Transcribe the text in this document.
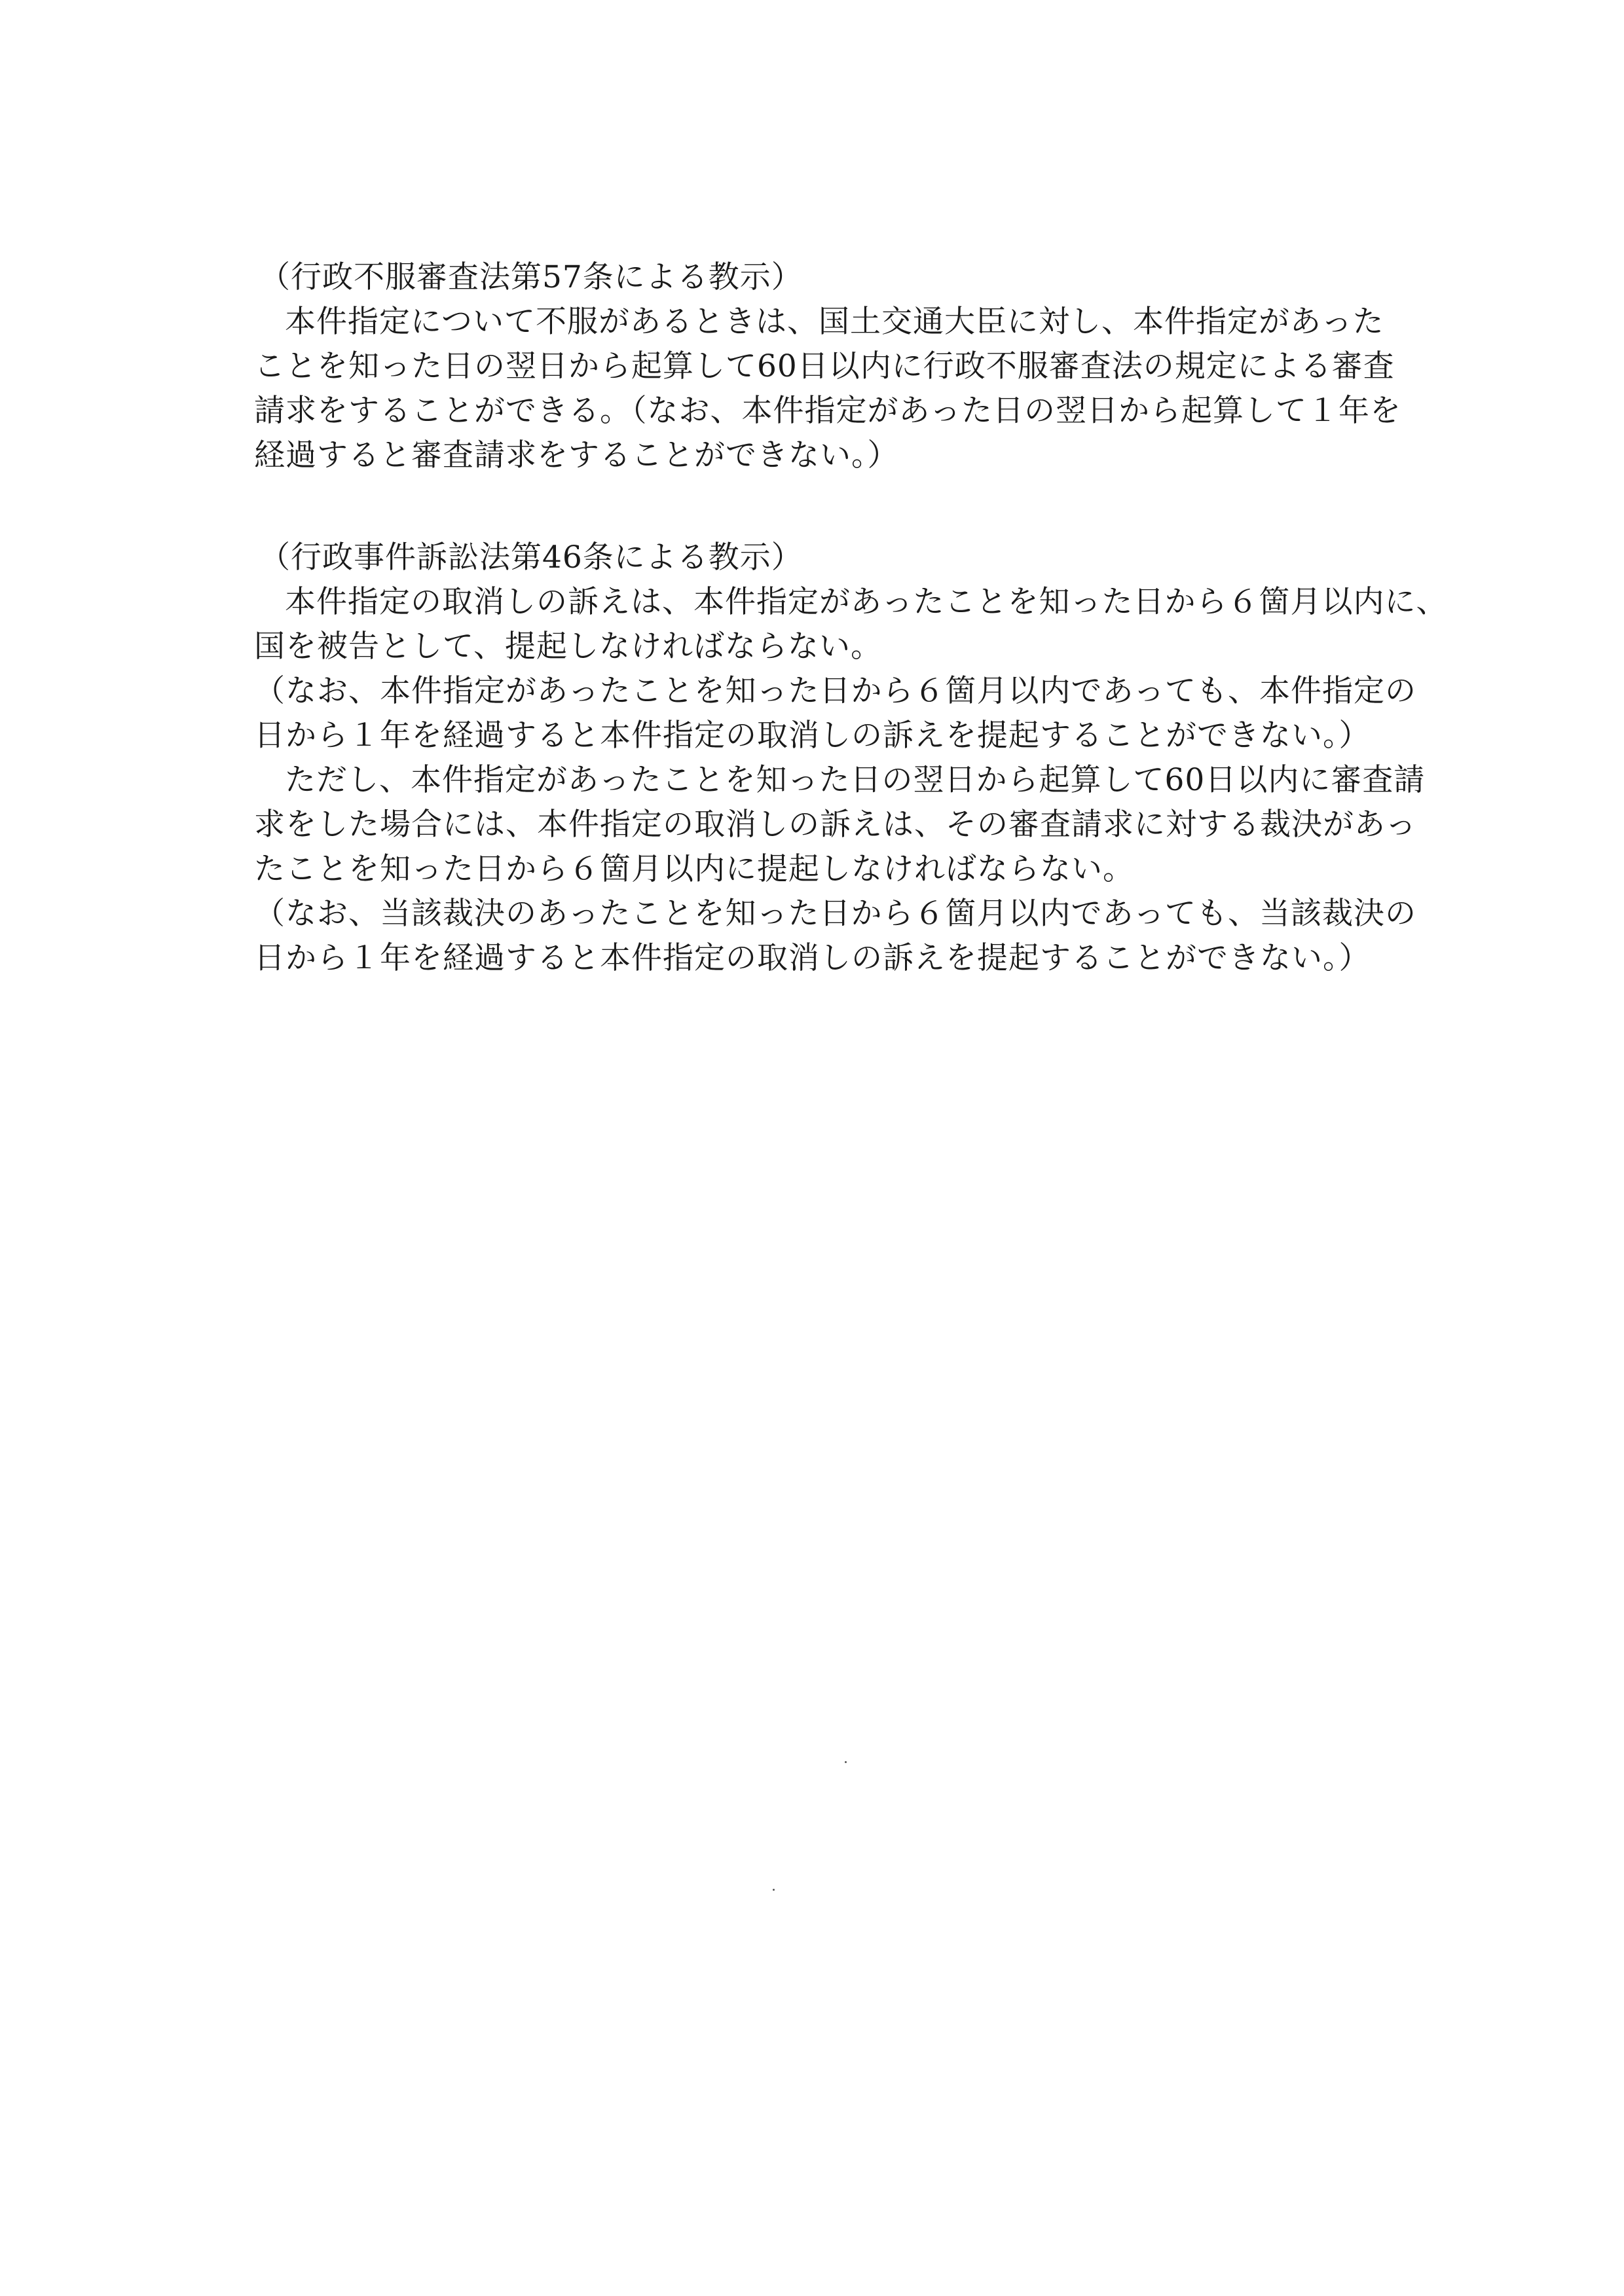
（行政不服審査法第57条による教示）
本件指定について不服があるときは、国土交通大臣に対し、本件指定があった
ことを知った日の翌日から起算して60日以内に行政不服審査法の規定による審査
請求をすることができる。（なお、本件指定があった日の翌日から起算して１年を
経過すると審査請求をすることができない。）
（行政事件訴訟法第46条による教示）
本件指定の取消しの訴えは、本件指定があったことを知った日から６箇月以内に、
国を被告として、提起しなければならない。
（なお、本件指定があったことを知った日から６箇月以内であっても、本件指定の
日から１年を経過すると本件指定の取消しの訴えを提起することができない。）
ただし、本件指定があったことを知った日の翌日から起算して60日以内に審査請
求をした場合には、本件指定の取消しの訴えは、その審査請求に対する裁決があっ
たことを知った日から６箇月以内に提起しなければならない。
（なお、当該裁決のあったことを知った日から６箇月以内であっても、当該裁決の
日から１年を経過すると本件指定の取消しの訴えを提起することができない。）
